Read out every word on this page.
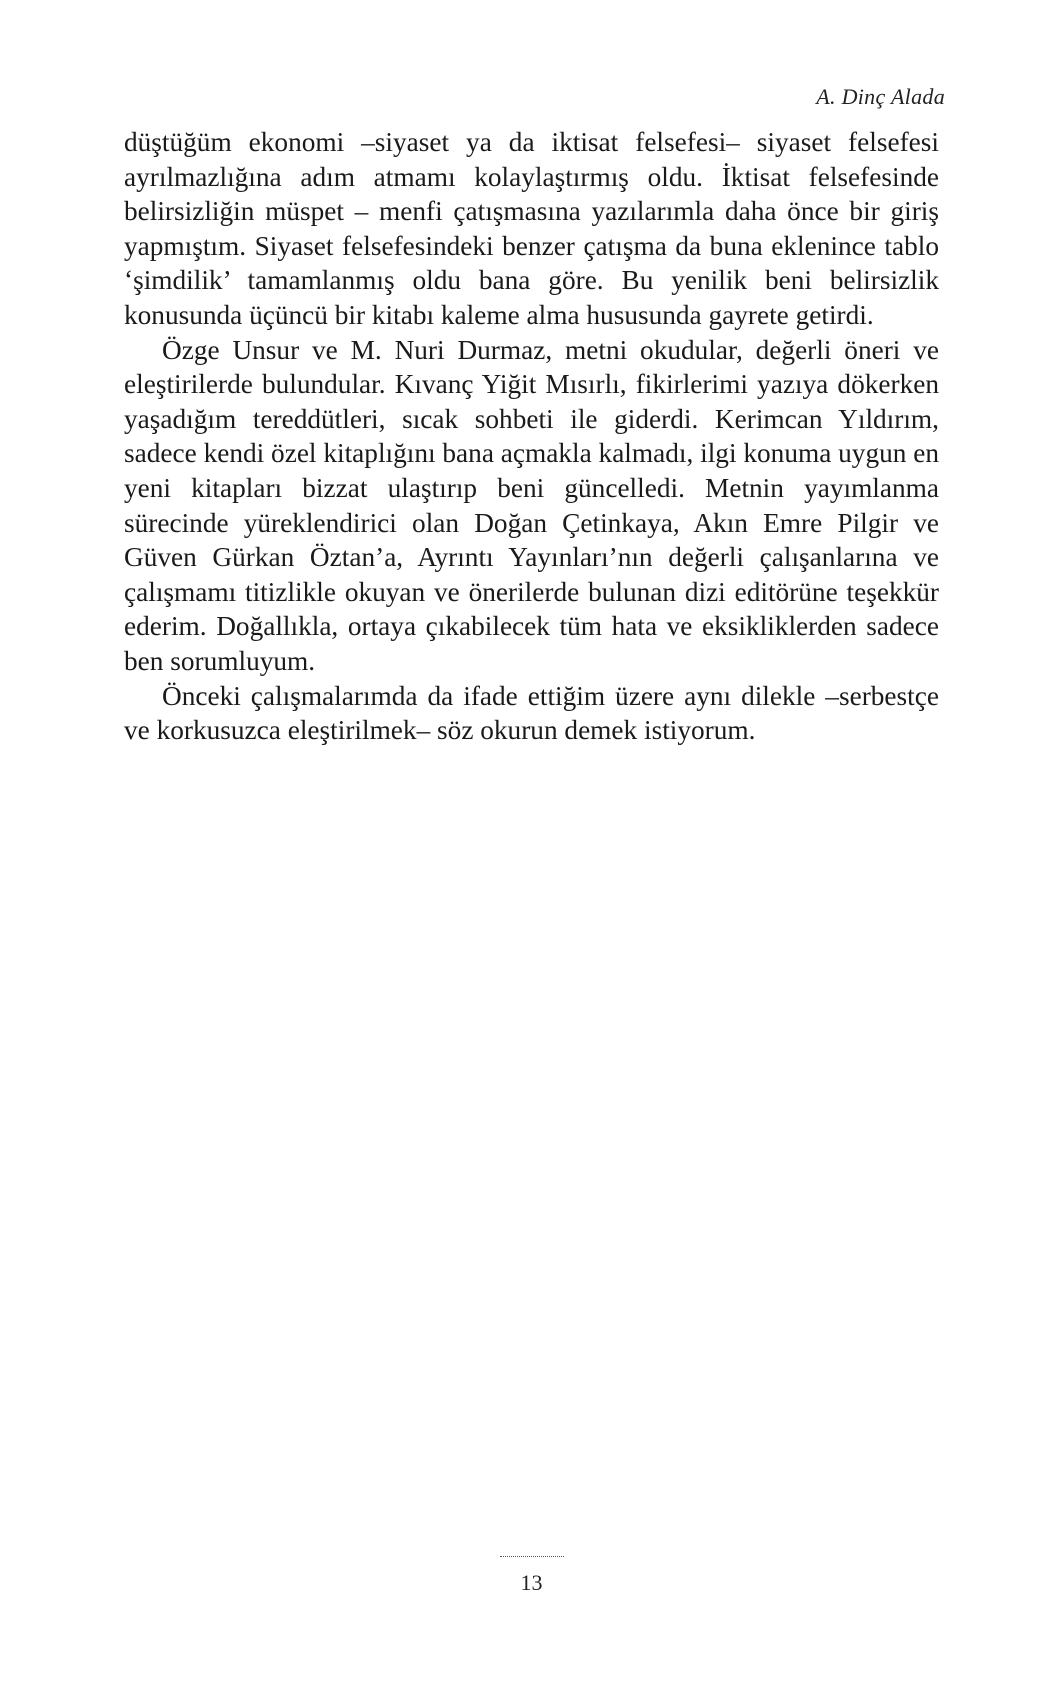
A. Dinç Alada

düştüğüm ekonomi –siyaset ya da iktisat felsefesi– siyaset felsefesi ayrılmazlığına adım atmamı kolaylaştırmış oldu. İktisat felsefesinde belirsizliğin müspet – menfi çatışmasına yazılarımla daha önce bir giriş yapmıştım. Siyaset felsefesindeki benzer çatışma da buna eklenince tablo ‘şimdilik’ tamamlanmış oldu bana göre. Bu yenilik beni belirsizlik konusunda üçüncü bir kitabı kaleme alma hususunda gayrete getirdi.

Özge Unsur ve M. Nuri Durmaz, metni okudular, değerli öneri ve eleştirilerde bulundular. Kıvanç Yiğit Mısırlı, fikirlerimi yazıya dökerken yaşadığım tereddütleri, sıcak sohbeti ile giderdi. Kerimcan Yıldırım, sadece kendi özel kitaplığını bana açmakla kalmadı, ilgi konuma uygun en yeni kitapları bizzat ulaştırıp beni güncelledi. Metnin yayımlanma sürecinde yüreklendirici olan Doğan Çetinkaya, Akın Emre Pilgir ve Güven Gürkan Öztan’a, Ayrıntı Yayınları’nın değerli çalışanlarına ve çalışmamı titizlikle okuyan ve önerilerde bulunan dizi editörüne teşekkür ederim. Doğallıkla, ortaya çıkabilecek tüm hata ve eksikliklerden sadece ben sorumluyum.

Önceki çalışmalarımda da ifade ettiğim üzere aynı dilekle –serbestçe ve korkusuzca eleştirilmek– söz okurun demek istiyorum.

13
